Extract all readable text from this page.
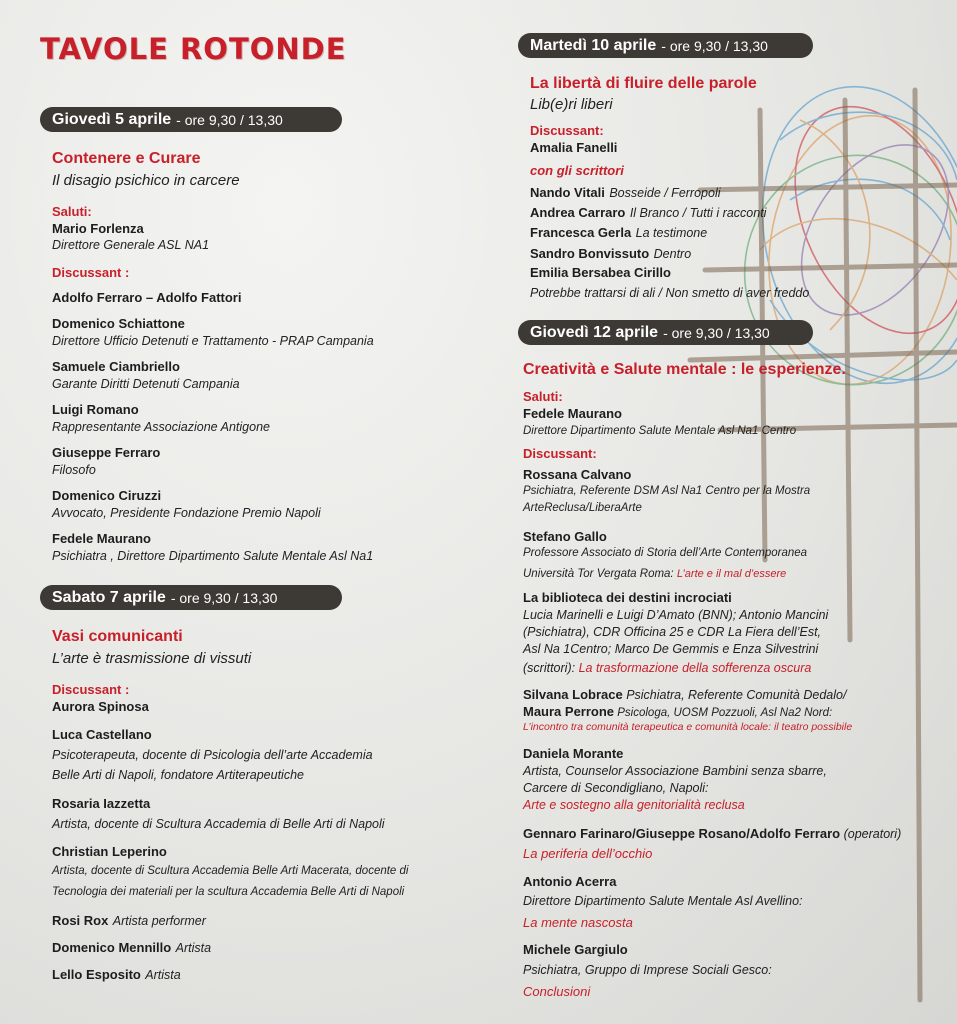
TAVOLE ROTONDE
Giovedì 5 aprile - ore 9,30 / 13,30
Contenere e Curare
Il disagio psichico in carcere
Saluti:
Mario Forlenza
Direttore Generale ASL NA1
Discussant :
Adolfo Ferraro – Adolfo Fattori
Domenico Schiattone
Direttore Ufficio Detenuti e Trattamento - PRAP Campania
Samuele Ciambriello
Garante Diritti Detenuti Campania
Luigi Romano
Rappresentante Associazione Antigone
Giuseppe Ferraro
Filosofo
Domenico Ciruzzi
Avvocato, Presidente Fondazione Premio Napoli
Fedele Maurano
Psichiatra , Direttore Dipartimento Salute Mentale Asl Na1
Sabato 7 aprile - ore 9,30 / 13,30
Vasi comunicanti
L’arte è trasmissione di vissuti
Discussant :
Aurora Spinosa
Luca Castellano
Psicoterapeuta, docente di Psicologia dell’arte Accademia
Belle Arti di Napoli, fondatore Artiterapeutiche
Rosaria Iazzetta
Artista, docente di Scultura Accademia di Belle Arti di Napoli
Christian Leperino
Artista, docente di Scultura Accademia Belle Arti Macerata, docente di
Tecnologia dei materiali per la scultura Accademia Belle Arti di Napoli
Rosi Rox Artista performer
Domenico Mennillo Artista
Lello Esposito Artista
Martedì 10 aprile - ore 9,30 / 13,30
La libertà di fluire delle parole
Lib(e)ri liberi
Discussant:
Amalia Fanelli
con gli scrittori
Nando Vitali Bosseide / Ferropoli
Andrea Carraro Il Branco / Tutti i racconti
Francesca Gerla La testimone
Sandro Bonvissuto Dentro
Emilia Bersabea Cirillo
Potrebbe trattarsi di ali / Non smetto di aver freddo
Giovedì 12 aprile - ore 9,30 / 13,30
Creatività e Salute mentale : le esperienze.
Saluti:
Fedele Maurano
Direttore Dipartimento Salute Mentale Asl Na1 Centro
Discussant:
Rossana Calvano
Psichiatra, Referente DSM Asl Na1 Centro per la Mostra
ArteReclusa/LiberaArte
Stefano Gallo
Professore Associato di Storia dell’Arte Contemporanea
Università Tor Vergata Roma: L’arte e il mal d’essere
La biblioteca dei destini incrociati
Lucia Marinelli e Luigi D’Amato (BNN); Antonio Mancini
(Psichiatra), CDR Officina 25 e CDR La Fiera dell’Est,
Asl Na 1Centro; Marco De Gemmis e Enza Silvestrini
(scrittori): La trasformazione della sofferenza oscura
Silvana Lobrace Psichiatra, Referente Comunità Dedalo/
Maura Perrone Psicologa, UOSM Pozzuoli, Asl Na2 Nord:
L’incontro tra comunità terapeutica e comunità locale: il teatro possibile
Daniela Morante
Artista, Counselor Associazione Bambini senza sbarre,
Carcere di Secondigliano, Napoli:
Arte e sostegno alla genitorialità reclusa
Gennaro Farinaro/Giuseppe Rosano/Adolfo Ferraro (operatori)
La periferia dell’occhio
Antonio Acerra
Direttore Dipartimento Salute Mentale Asl Avellino:
La mente nascosta
Michele Gargiulo
Psichiatra, Gruppo di Imprese Sociali Gesco:
Conclusioni
